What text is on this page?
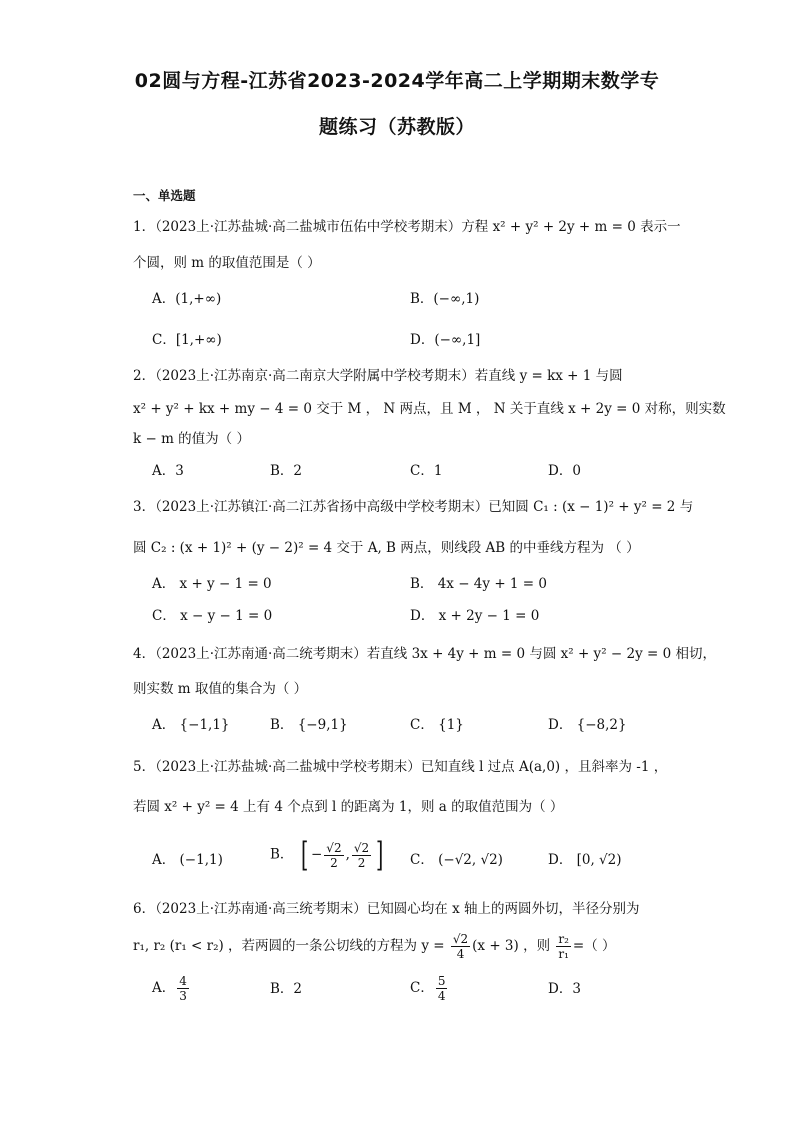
02圆与方程-江苏省2023-2024学年高二上学期期末数学专
题练习（苏教版）
一、单选题
1．（2023上·江苏盐城·高二盐城市伍佑中学校考期末）方程 x² + y² + 2y + m = 0 表示一
个圆，则 m 的取值范围是（ ）
A．(1,+∞)	B．(−∞,1)
C．[1,+∞)	D．(−∞,1]
2．（2023上·江苏南京·高二南京大学附属中学校考期末）若直线 y = kx + 1 与圆
x² + y² + kx + my − 4 = 0 交于 M ， N 两点，且 M ， N 关于直线 x + 2y = 0 对称，则实数
k − m 的值为（ ）
A．3	B．2	C．1	D．0
3．（2023上·江苏镇江·高二江苏省扬中高级中学校考期末）已知圆 C₁ : (x − 1)² + y² = 2 与
圆 C₂ : (x + 1)² + (y − 2)² = 4 交于 A, B 两点，则线段 AB 的中垂线方程为 （ ）
A． x + y − 1 = 0	B． 4x − 4y + 1 = 0
C． x − y − 1 = 0	D． x + 2y − 1 = 0
4．（2023上·江苏南通·高二统考期末）若直线 3x + 4y + m = 0 与圆 x² + y² − 2y = 0 相切，
则实数 m 取值的集合为（ ）
A． {−1,1}	B． {−9,1}	C． {1}	D． {−8,2}
5．（2023上·江苏盐城·高二盐城中学校考期末）已知直线 l 过点 A(a,0) ，且斜率为 -1 ，
若圆 x² + y² = 4 上有 4 个点到 l 的距离为 1，则 a 的取值范围为（ ）
A． (−1,1)	B． [ − $\frac{√2}{2}$ , $\frac{√2}{2}$ ] C． (−√2, √2)	D． [0, √2)
6．（2023上·江苏南通·高三统考期末）已知圆心均在 x 轴上的两圆外切，半径分别为
r₁, r₂ (r₁ < r₂) ，若两圆的一条公切线的方程为 $y = \frac{√2}{4} (x + 3)$ ，则 $\frac{\text{r₂}}{\text{r₁}}$ =（ ）
A． $\frac{4}{3}$	B．2	C． $\frac{5}{4}$	D．3
